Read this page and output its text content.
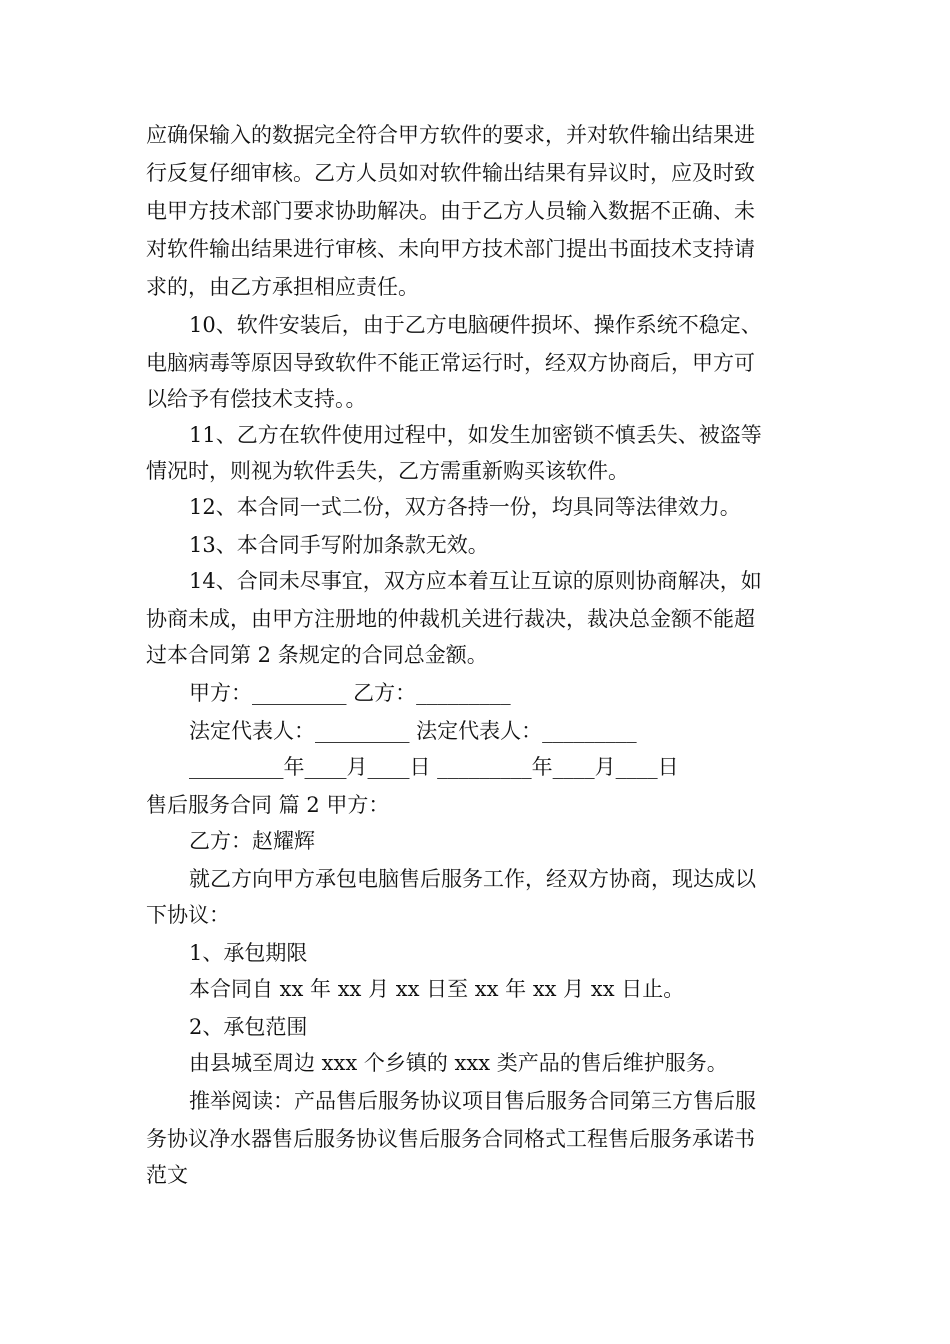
应确保输入的数据完全符合甲方软件的要求，并对软件输出结果进
行反复仔细审核。乙方人员如对软件输出结果有异议时，应及时致
电甲方技术部门要求协助解决。由于乙方人员输入数据不正确、未
对软件输出结果进行审核、未向甲方技术部门提出书面技术支持请
求的，由乙方承担相应责任。
10、软件安装后，由于乙方电脑硬件损坏、操作系统不稳定、
电脑病毒等原因导致软件不能正常运行时，经双方协商后，甲方可
以给予有偿技术支持。。
11、乙方在软件使用过程中，如发生加密锁不慎丢失、被盗等
情况时，则视为软件丢失，乙方需重新购买该软件。
12、本合同一式二份，双方各持一份，均具同等法律效力。
13、本合同手写附加条款无效。
14、合同未尽事宜，双方应本着互让互谅的原则协商解决，如
协商未成，由甲方注册地的仲裁机关进行裁决，裁决总金额不能超
过本合同第 2 条规定的合同总金额。
甲方：_________ 乙方：_________
法定代表人：_________ 法定代表人：_________
_________年____月____日 _________年____月____日
售后服务合同 篇 2 甲方：
乙方：赵耀辉
就乙方向甲方承包电脑售后服务工作，经双方协商，现达成以
下协议：
1、承包期限
本合同自 xx 年 xx 月 xx 日至 xx 年 xx 月 xx 日止。
2、承包范围
由县城至周边 xxx 个乡镇的 xxx 类产品的售后维护服务。
推举阅读：产品售后服务协议项目售后服务合同第三方售后服
务协议净水器售后服务协议售后服务合同格式工程售后服务承诺书
范文
